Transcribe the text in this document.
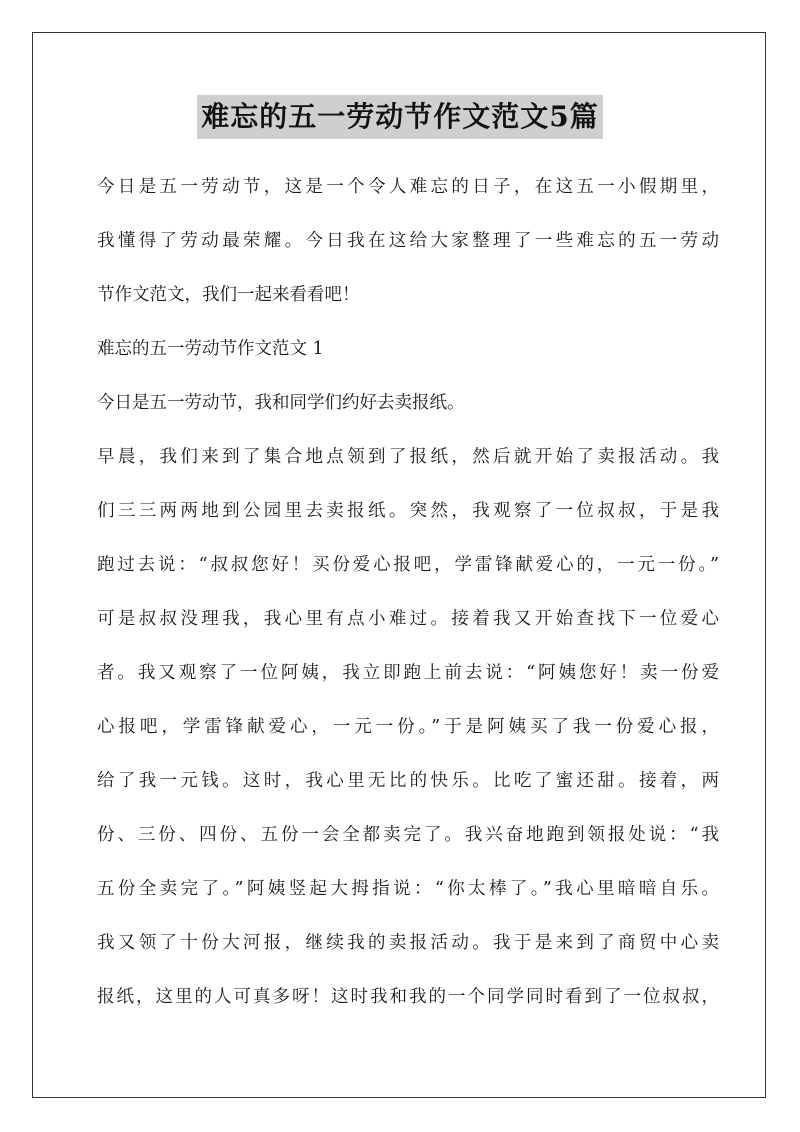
难忘的五一劳动节作文范文5篇
今日是五一劳动节，这是一个令人难忘的日子，在这五一小假期里，
我懂得了劳动最荣耀。今日我在这给大家整理了一些难忘的五一劳动
节作文范文，我们一起来看看吧！
难忘的五一劳动节作文范文 1
今日是五一劳动节，我和同学们约好去卖报纸。
早晨，我们来到了集合地点领到了报纸，然后就开始了卖报活动。我
们三三两两地到公园里去卖报纸。突然，我观察了一位叔叔，于是我
跑过去说：“叔叔您好！买份爱心报吧，学雷锋献爱心的，一元一份。”
可是叔叔没理我，我心里有点小难过。接着我又开始查找下一位爱心
者。我又观察了一位阿姨，我立即跑上前去说：“阿姨您好！卖一份爱
心报吧，学雷锋献爱心，一元一份。”于是阿姨买了我一份爱心报，
给了我一元钱。这时，我心里无比的快乐。比吃了蜜还甜。接着，两
份、三份、四份、五份一会全都卖完了。我兴奋地跑到领报处说：“我
五份全卖完了。”阿姨竖起大拇指说：“你太棒了。”我心里暗暗自乐。
我又领了十份大河报，继续我的卖报活动。我于是来到了商贸中心卖
报纸，这里的人可真多呀！这时我和我的一个同学同时看到了一位叔叔，
